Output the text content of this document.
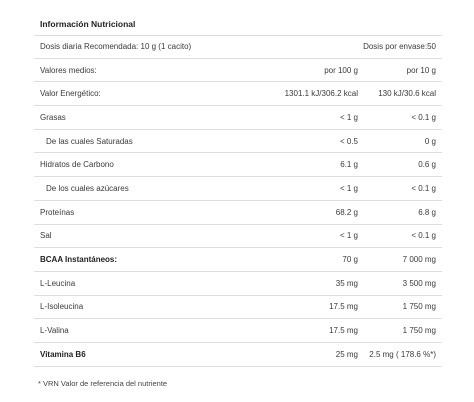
Información Nutricional
Dosis diaria Recomendada: 10 g (1 cacito)	Dosis por envase:50
Valores medios:	por 100 g	por 10 g
Valor Energético:	1301.1 kJ/306.2 kcal	130 kJ/30.6 kcal
Grasas	< 1 g	< 0.1 g
De las cuales Saturadas	< 0.5	0 g
Hidratos de Carbono	6.1 g	0.6 g
De los cuales azúcares	< 1 g	< 0.1 g
Proteínas	68.2 g	6.8 g
Sal	< 1 g	< 0.1 g
BCAA Instantáneos:	70 g	7 000 mg
L-Leucina	35 mg	3 500 mg
L-Isoleucina	17.5 mg	1 750 mg
L-Valina	17.5 mg	1 750 mg
Vitamina B6	25 mg	2.5 mg ( 178.6 %*)
* VRN Valor de referencia del nutriente
